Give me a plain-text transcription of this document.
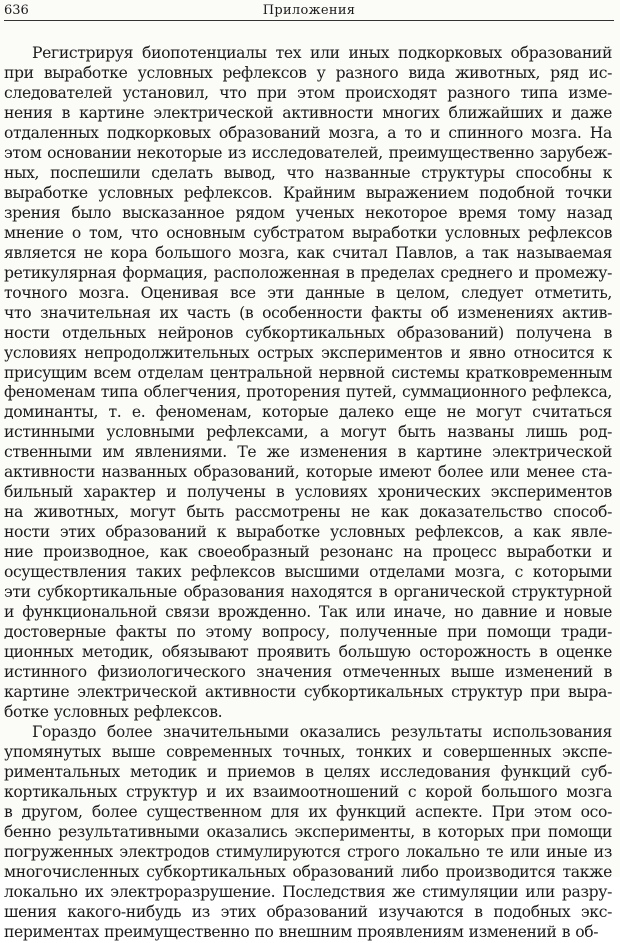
636	Приложения
Регистрируя биопотенциалы тех или иных подкорковых образований
при выработке условных рефлексов у разного вида животных, ряд ис-
следователей установил, что при этом происходят разного типа изме-
нения в картине электрической активности многих ближайших и даже
отдаленных подкорковых образований мозга, а то и спинного мозга. На
этом основании некоторые из исследователей, преимущественно зарубеж-
ных, поспешили сделать вывод, что названные структуры способны к
выработке условных рефлексов. Крайним выражением подобной точки
зрения было высказанное рядом ученых некоторое время тому назад
мнение о том, что основным субстратом выработки условных рефлексов
является не кора большого мозга, как считал Павлов, а так называемая
ретикулярная формация, расположенная в пределах среднего и промежу-
точного мозга. Оценивая все эти данные в целом, следует отметить,
что значительная их часть (в особенности факты об изменениях актив-
ности отдельных нейронов субкортикальных образований) получена в
условиях непродолжительных острых экспериментов и явно относится к
присущим всем отделам центральной нервной системы кратковременным
феноменам типа облегчения, проторения путей, суммационного рефлекса,
доминанты, т. е. феноменам, которые далеко еще не могут считаться
истинными условными рефлексами, а могут быть названы лишь род-
ственными им явлениями. Те же изменения в картине электрической
активности названных образований, которые имеют более или менее ста-
бильный характер и получены в условиях хронических экспериментов
на животных, могут быть рассмотрены не как доказательство способ-
ности этих образований к выработке условных рефлексов, а как явле-
ние производное, как своеобразный резонанс на процесс выработки и
осуществления таких рефлексов высшими отделами мозга, с которыми
эти субкортикальные образования находятся в органической структурной
и функциональной связи врожденно. Так или иначе, но давние и новые
достоверные факты по этому вопросу, полученные при помощи тради-
ционных методик, обязывают проявить большую осторожность в оценке
истинного физиологического значения отмеченных выше изменений в
картине электрической активности субкортикальных структур при выра-
ботке условных рефлексов.
Гораздо более значительными оказались результаты использования
упомянутых выше современных точных, тонких и совершенных экспе-
риментальных методик и приемов в целях исследования функций суб-
кортикальных структур и их взаимоотношений с корой большого мозга
в другом, более существенном для их функций аспекте. При этом осо-
бенно результативными оказались эксперименты, в которых при помощи
погруженных электродов стимулируются строго локально те или иные из
многочисленных субкортикальных образований либо производится также
локально их электроразрушение. Последствия же стимуляции или разру-
шения какого-нибудь из этих образований изучаются в подобных экс-
периментах преимущественно по внешним проявлениям изменений в об-
